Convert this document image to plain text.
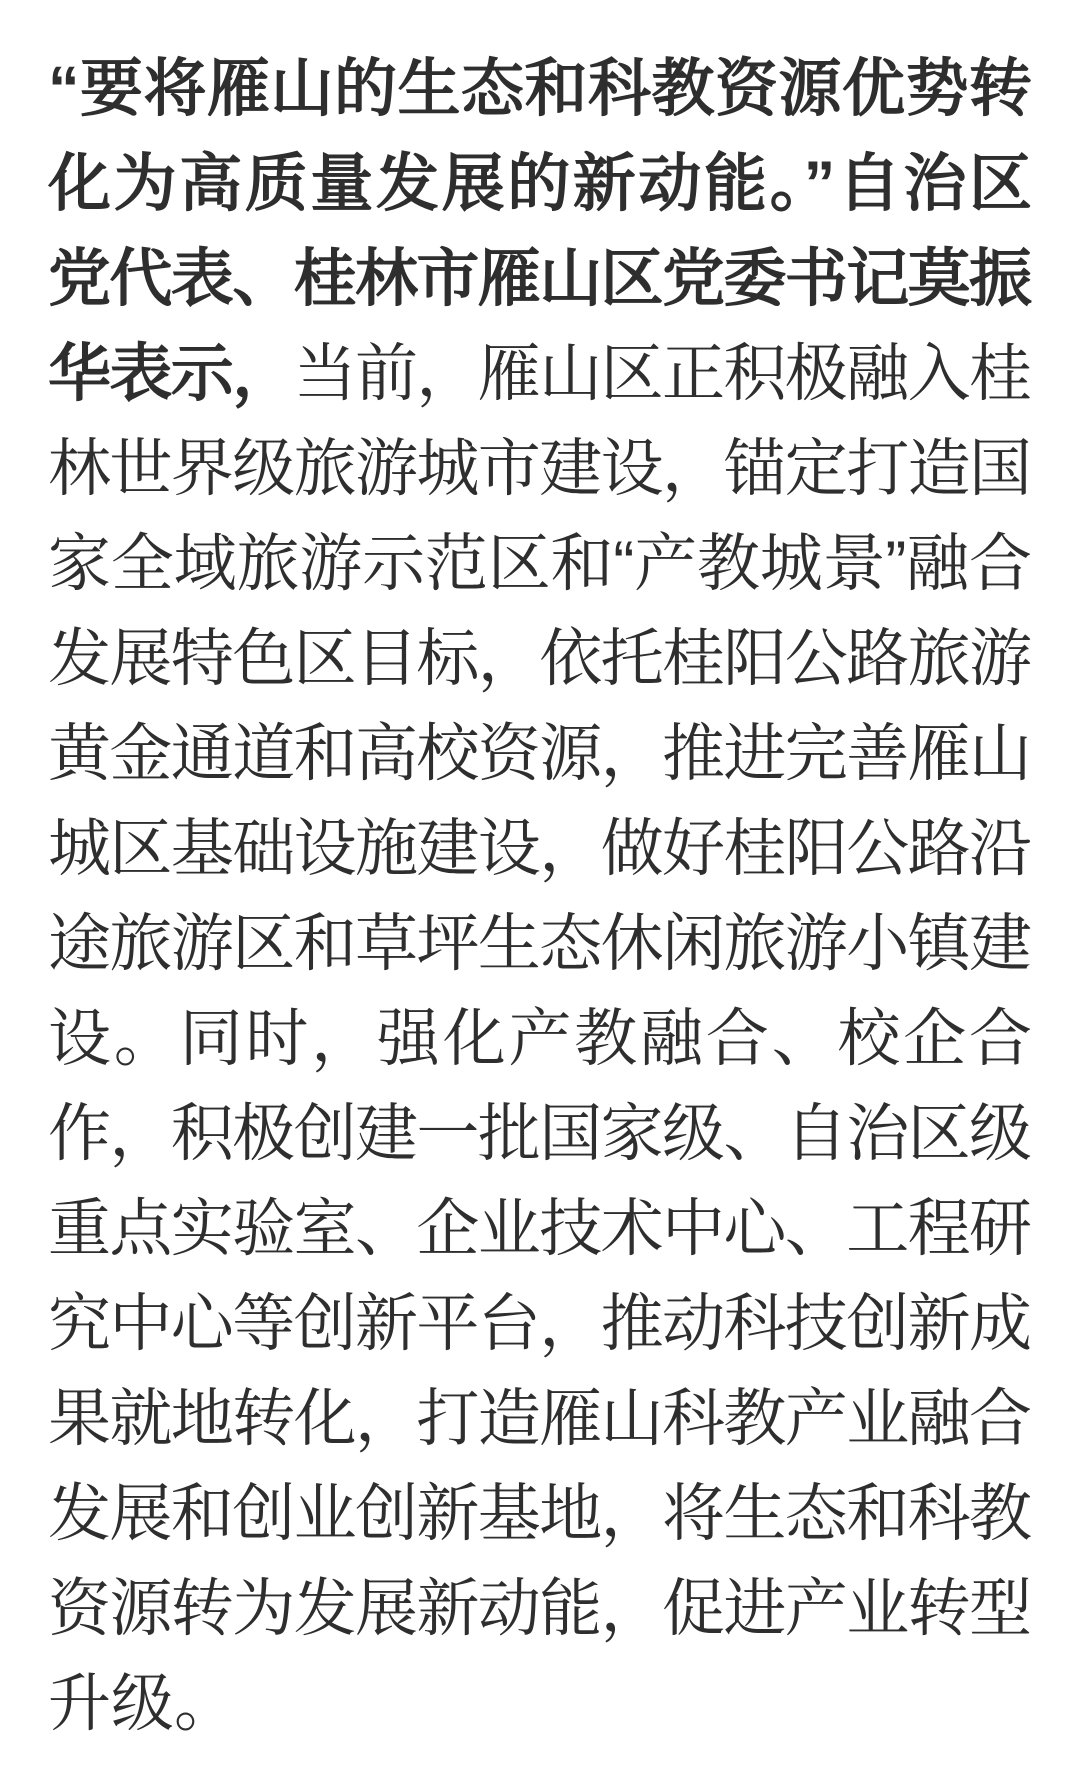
“要将雁山的生态和科教资源优势转
化为高质量发展的新动能。”自治区
党代表、桂林市雁山区党委书记莫振
华表示，当前，雁山区正积极融入桂
林世界级旅游城市建设，锚定打造国
家全域旅游示范区和“产教城景”融合
发展特色区目标，依托桂阳公路旅游
黄金通道和高校资源，推进完善雁山
城区基础设施建设，做好桂阳公路沿
途旅游区和草坪生态休闲旅游小镇建
设。同时，强化产教融合、校企合
作，积极创建一批国家级、自治区级
重点实验室、企业技术中心、工程研
究中心等创新平台，推动科技创新成
果就地转化，打造雁山科教产业融合
发展和创业创新基地，将生态和科教
资源转为发展新动能，促进产业转型
升级。
